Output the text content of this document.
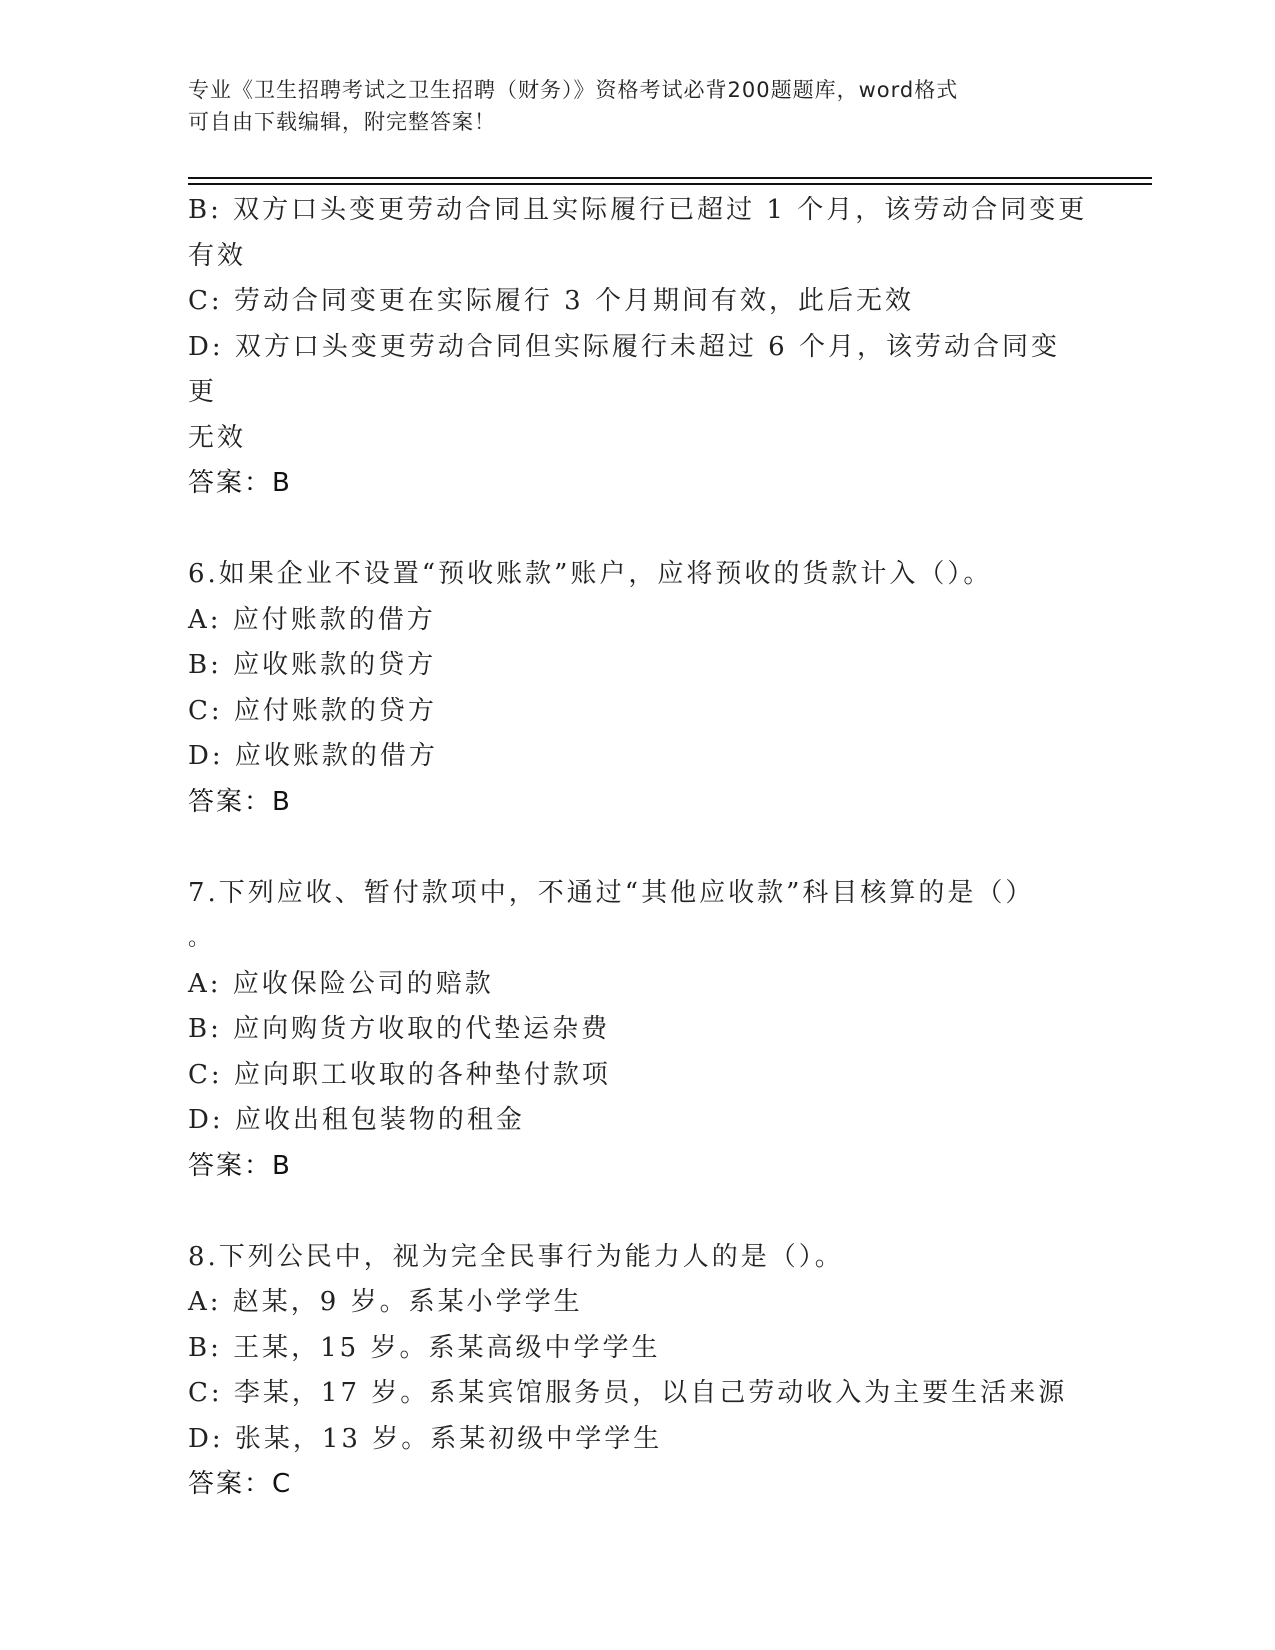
专业《卫生招聘考试之卫生招聘（财务）》资格考试必背200题题库，word格式
可自由下载编辑，附完整答案！
B: 双方口头变更劳动合同且实际履行已超过 1 个月，该劳动合同变更
有效
C: 劳动合同变更在实际履行 3 个月期间有效，此后无效
D: 双方口头变更劳动合同但实际履行未超过 6 个月，该劳动合同变更
无效
答案：B
6.如果企业不设置“预收账款”账户，应将预收的货款计入（）。
A: 应付账款的借方
B: 应收账款的贷方
C: 应付账款的贷方
D: 应收账款的借方
答案：B
7.下列应收、暂付款项中，不通过“其他应收款”科目核算的是（）
。
A: 应收保险公司的赔款
B: 应向购货方收取的代垫运杂费
C: 应向职工收取的各种垫付款项
D: 应收出租包装物的租金
答案：B
8.下列公民中，视为完全民事行为能力人的是（）。
A: 赵某，9 岁。系某小学学生
B: 王某，15 岁。系某高级中学学生
C: 李某，17 岁。系某宾馆服务员，以自己劳动收入为主要生活来源
D: 张某，13 岁。系某初级中学学生
答案：C
